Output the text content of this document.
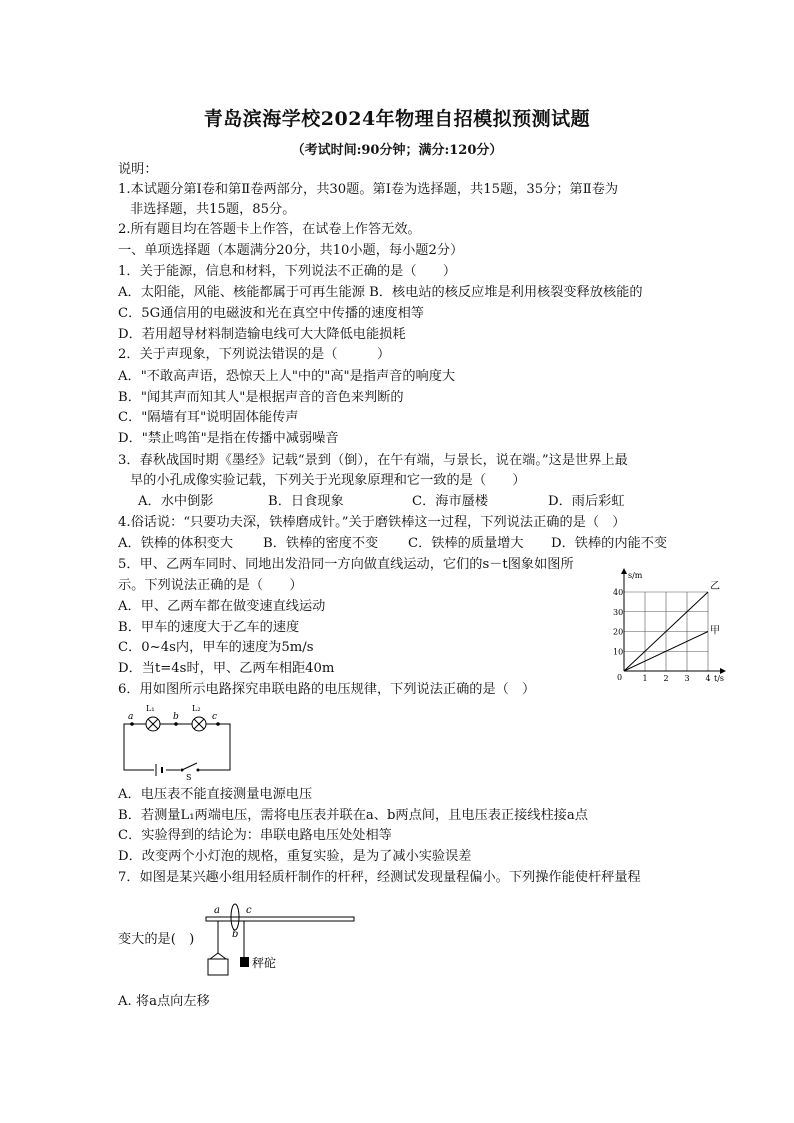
青岛滨海学校2024年物理自招模拟预测试题
（考试时间:90分钟；满分:120分）
说明：
1.本试题分第Ⅰ卷和第Ⅱ卷两部分，共30题。第Ⅰ卷为选择题，共15题，35分；第Ⅱ卷为
非选择题，共15题，85分。
2.所有题目均在答题卡上作答，在试卷上作答无效。
一、单项选择题（本题满分20分，共10小题，每小题2分）
1．关于能源，信息和材料，下列说法不正确的是（　　）
A．太阳能，风能、核能都属于可再生能源 B．核电站的核反应堆是利用核裂变释放核能的
C．5G通信用的电磁波和光在真空中传播的速度相等
D．若用超导材料制造输电线可大大降低电能损耗
2．关于声现象，下列说法错误的是（　　　）
A．"不敢高声语，恐惊天上人"中的"高"是指声音的响度大
B．"闻其声而知其人"是根据声音的音色来判断的
C．"隔墙有耳"说明固体能传声
D．"禁止鸣笛"是指在传播中减弱噪音
3．春秋战国时期《墨经》记载“景到（倒），在午有端，与景长，说在端。”这是世界上最
早的小孔成像实验记载，下列关于光现象原理和它一致的是（　　）
A．水中倒影	B．日食现象	C．海市蜃楼	D．雨后彩虹
4.俗话说：“只要功夫深，铁棒磨成针。”关于磨铁棒这一过程，下列说法正确的是（　）
A．铁棒的体积变大 B．铁棒的密度不变 C．铁棒的质量增大 D．铁棒的内能不变
5．甲、乙两车同时、同地出发沿同一方向做直线运动，它们的s－t图象如图所
示。下列说法正确的是（　　）
A．甲、乙两车都在做变速直线运动
B．甲车的速度大于乙车的速度
C．0~4s内，甲车的速度为5m/s
D．当t=4s时，甲、乙两车相距40m
s/m
t/s
0	1 2 3 4
10
20
30
40
乙
甲
6．用如图所示电路探究串联电路的电压规律，下列说法正确的是（　）
a
L₁
b
L₂
c
S
A．电压表不能直接测量电源电压
B．若测量L₁两端电压，需将电压表并联在a、b两点间，且电压表正接线柱接a点
C．实验得到的结论为：串联电路电压处处相等
D．改变两个小灯泡的规格，重复实验，是为了减小实验误差
7．如图是某兴趣小组用轻质杆制作的杆秤，经测试发现量程偏小。下列操作能使杆秤量程
a
b
c
秤砣
变大的是(　)
A. 将a点向左移
